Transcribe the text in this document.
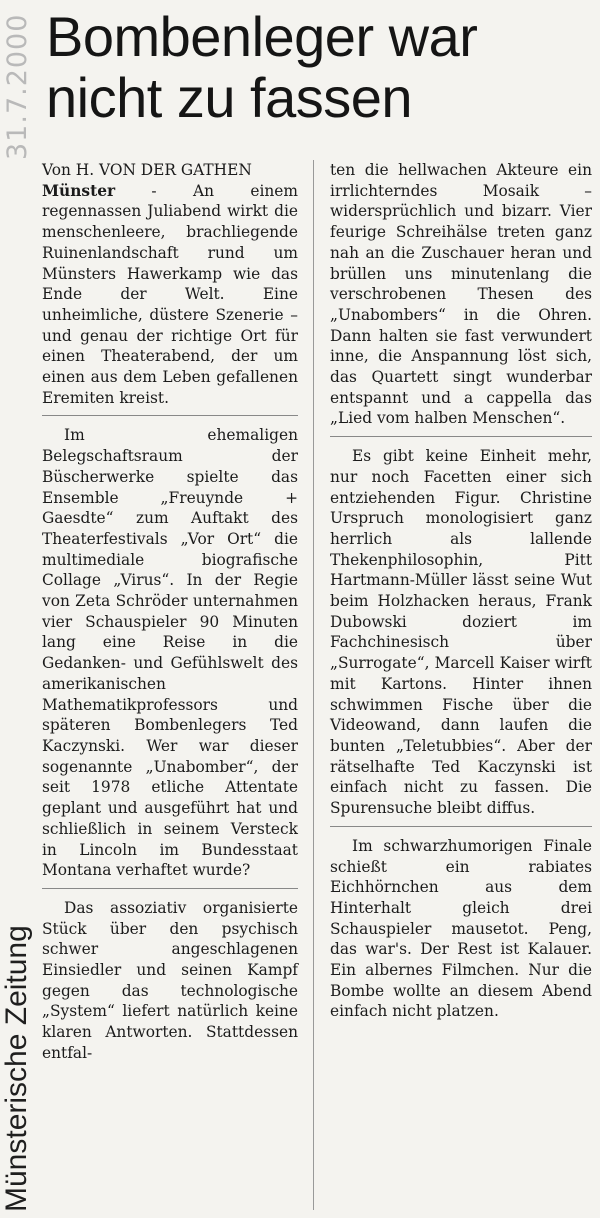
31.7.2000
Münsterische Zeitung
Bombenleger war nicht zu fassen

Von H. VON DER GATHEN

Münster - An einem regennassen Juliabend wirkt die menschenleere, brachliegende Ruinenlandschaft rund um Münsters Hawerkamp wie das Ende der Welt. Eine unheimliche, düstere Szenerie – und genau der richtige Ort für einen Theaterabend, der um einen aus dem Leben gefallenen Eremiten kreist.

Im ehemaligen Belegschaftsraum der Büscherwerke spielte das Ensemble „Freuynde + Gaesdte“ zum Auftakt des Theaterfestivals „Vor Ort“ die multimediale biografische Collage „Virus“. In der Regie von Zeta Schröder unternahmen vier Schauspieler 90 Minuten lang eine Reise in die Gedanken- und Gefühlswelt des amerikanischen Mathematikprofessors und späteren Bombenlegers Ted Kaczynski. Wer war dieser sogenannte „Unabomber“, der seit 1978 etliche Attentate geplant und ausgeführt hat und schließlich in seinem Versteck in Lincoln im Bundesstaat Montana verhaftet wurde?

Das assoziativ organisierte Stück über den psychisch schwer angeschlagenen Einsiedler und seinen Kampf gegen das technologische „System“ liefert natürlich keine klaren Antworten. Stattdessen entfal-

ten die hellwachen Akteure ein irrlichterndes Mosaik – widersprüchlich und bizarr. Vier feurige Schreihälse treten ganz nah an die Zuschauer heran und brüllen uns minutenlang die verschrobenen Thesen des „Unabombers“ in die Ohren. Dann halten sie fast verwundert inne, die Anspannung löst sich, das Quartett singt wunderbar entspannt und a cappella das „Lied vom halben Menschen“.

Es gibt keine Einheit mehr, nur noch Facetten einer sich entziehenden Figur. Christine Urspruch monologisiert ganz herrlich als lallende Thekenphilosophin, Pitt Hartmann-Müller lässt seine Wut beim Holzhacken heraus, Frank Dubowski doziert im Fachchinesisch über „Surrogate“, Marcell Kaiser wirft mit Kartons. Hinter ihnen schwimmen Fische über die Videowand, dann laufen die bunten „Teletubbies“. Aber der rätselhafte Ted Kaczynski ist einfach nicht zu fassen. Die Spurensuche bleibt diffus.

Im schwarzhumorigen Finale schießt ein rabiates Eichhörnchen aus dem Hinterhalt gleich drei Schauspieler mausetot. Peng, das war's. Der Rest ist Kalauer. Ein albernes Filmchen. Nur die Bombe wollte an diesem Abend einfach nicht platzen.
